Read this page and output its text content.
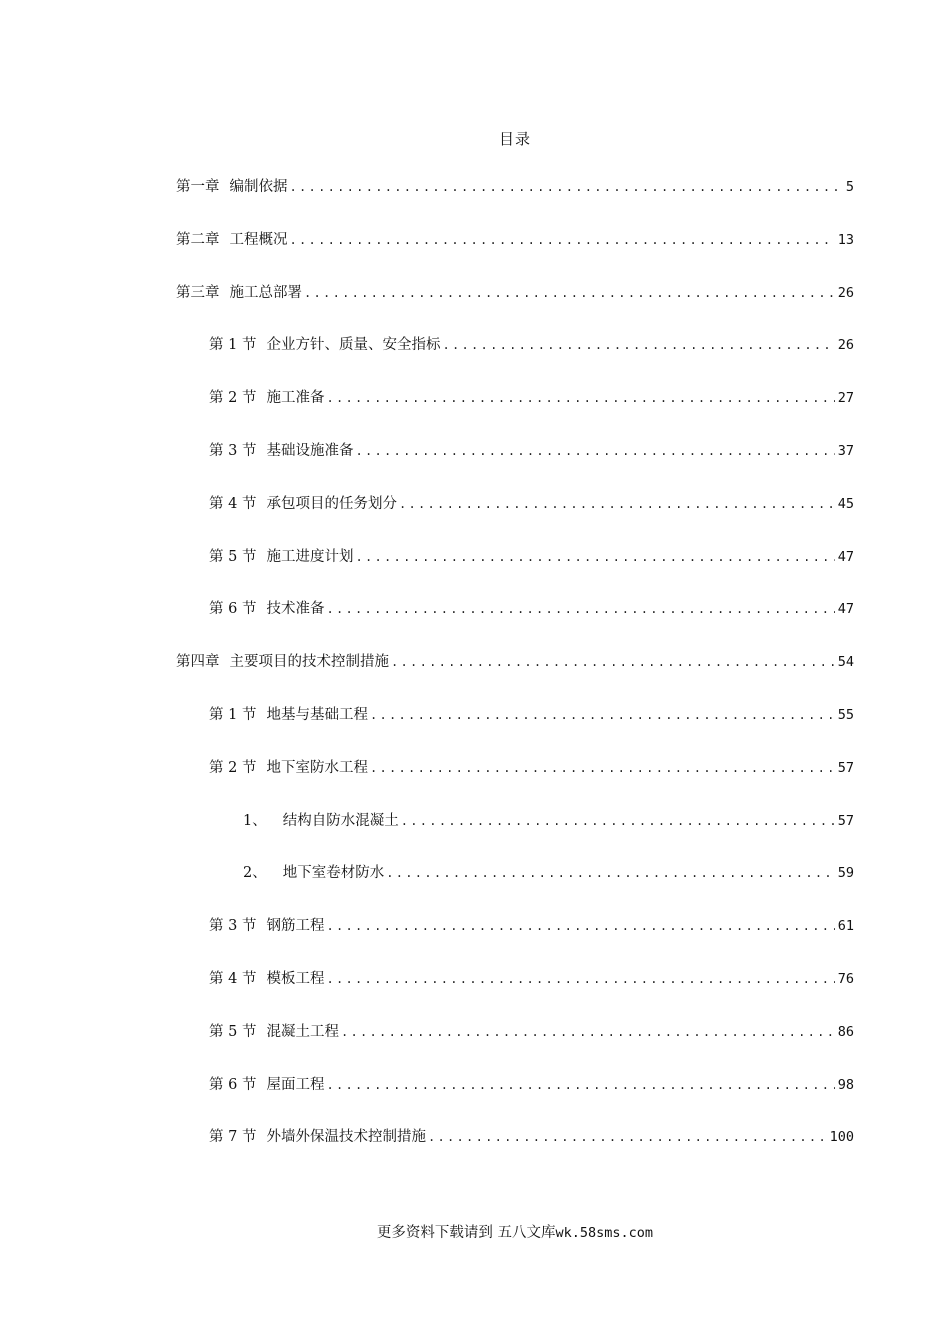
目录
第一章 编制依据 .....	5
第二章 工程概况 .....	13
第三章 施工总部署 .....	26
第 1 节 企业方针、质量、安全指标 .....	26
第 2 节 施工准备 .....	27
第 3 节 基础设施准备 .....	37
第 4 节 承包项目的任务划分 .....	45
第 5 节 施工进度计划 .....	47
第 6 节 技术准备 .....	47
第四章 主要项目的技术控制措施 .....	54
第 1 节 地基与基础工程 .....	55
第 2 节 地下室防水工程 .....	57
1、 结构自防水混凝土 .....	57
2、 地下室卷材防水 .....	59
第 3 节 钢筋工程 .....	61
第 4 节 模板工程 .....	76
第 5 节 混凝土工程 .....	86
第 6 节 屋面工程 .....	98
第 7 节 外墙外保温技术控制措施 .....	100
更多资料下载请到 五八文库wk.58sms.com
